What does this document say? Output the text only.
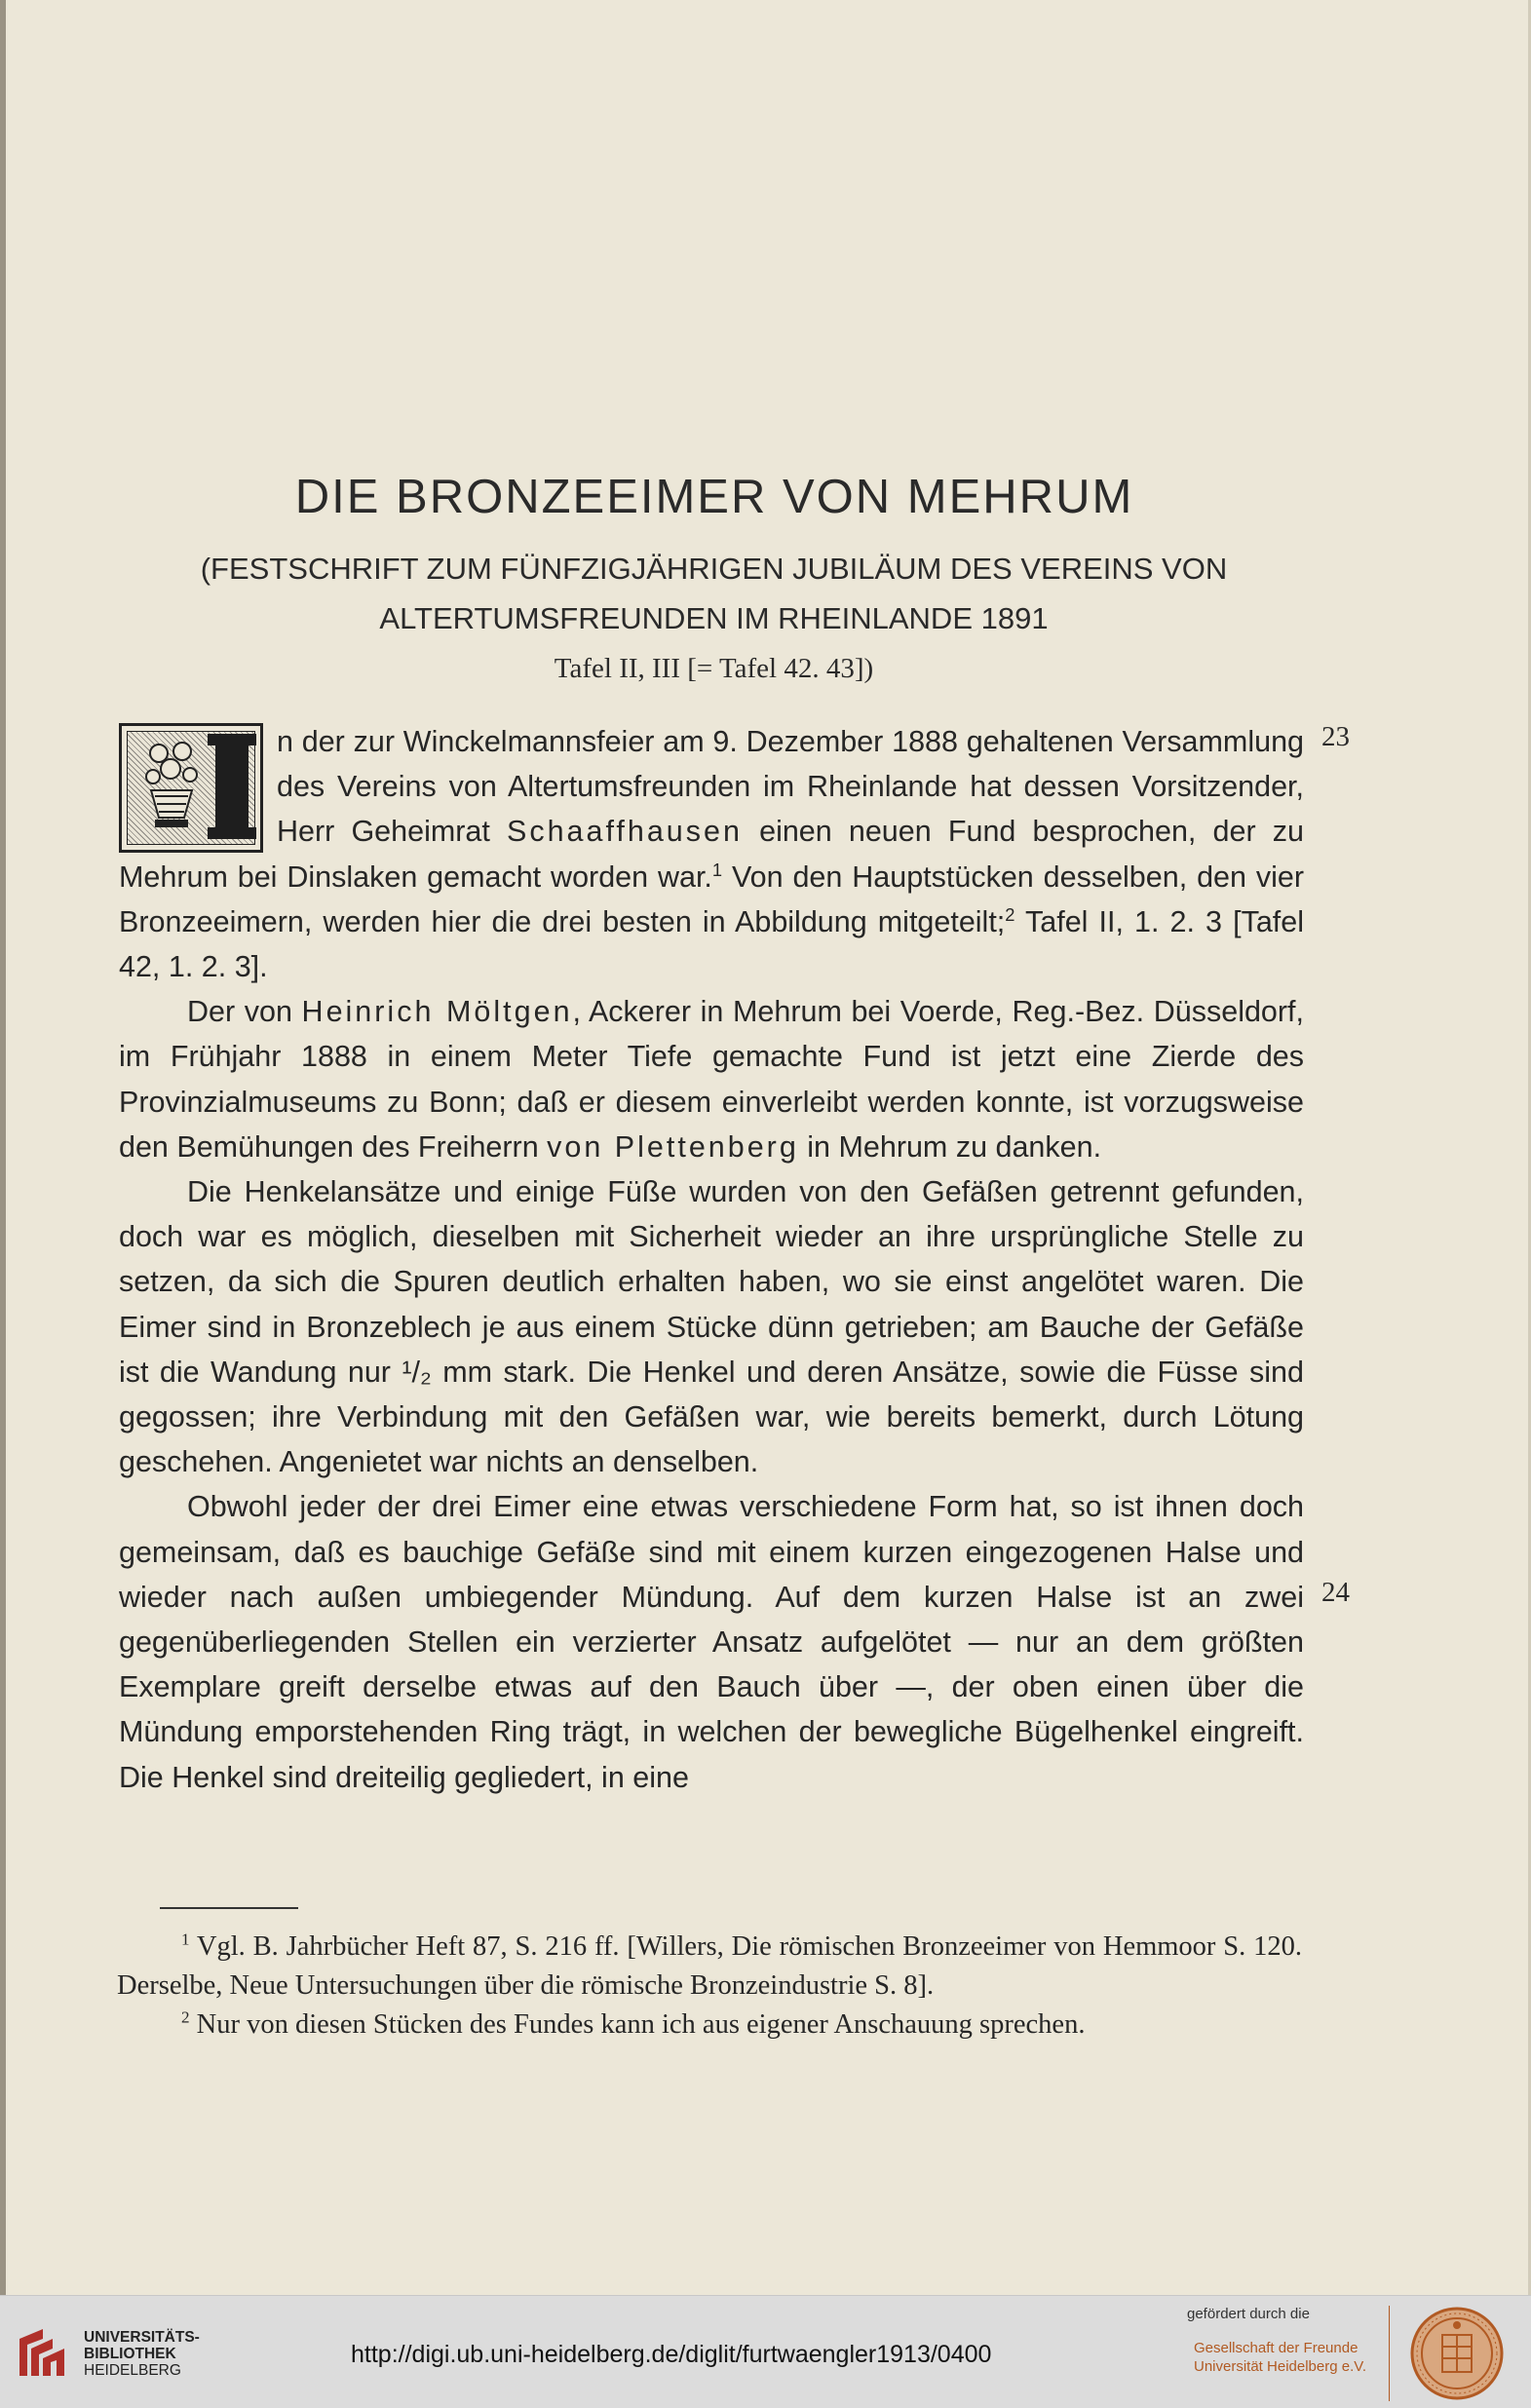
DIE BRONZEEIMER VON MEHRUM
(FESTSCHRIFT ZUM FÜNFZIGJÄHRIGEN JUBILÄUM DES VEREINS VON
ALTERTUMSFREUNDEN IM RHEINLANDE 1891
Tafel II, III [= Tafel 42. 43])
23
24

n der zur Winckelmannsfeier am 9. Dezember 1888 gehaltenen Versammlung des Vereins von Altertumsfreunden im Rheinlande hat dessen Vorsitzender, Herr Geheimrat Schaaffhausen einen neuen Fund besprochen, der zu Mehrum bei Dinslaken gemacht worden war.$^1$ Von den Hauptstücken desselben, den vier Bronzeeimern, werden hier die drei besten in Abbildung mitgeteilt;$^2$ Tafel II, 1. 2. 3 [Tafel 42, 1. 2. 3].

Der von Heinrich Möltgen, Ackerer in Mehrum bei Voerde, Reg.-Bez. Düsseldorf, im Frühjahr 1888 in einem Meter Tiefe gemachte Fund ist jetzt eine Zierde des Provinzialmuseums zu Bonn; daß er diesem einverleibt werden konnte, ist vorzugsweise den Bemühungen des Freiherrn von Plettenberg in Mehrum zu danken.

Die Henkelansätze und einige Füße wurden von den Gefäßen getrennt gefunden, doch war es möglich, dieselben mit Sicherheit wieder an ihre ursprüngliche Stelle zu setzen, da sich die Spuren deutlich erhalten haben, wo sie einst angelötet waren. Die Eimer sind in Bronzeblech je aus einem Stücke dünn getrieben; am Bauche der Gefäße ist die Wandung nur ¹/₂ mm stark. Die Henkel und deren Ansätze, sowie die Füsse sind gegossen; ihre Verbindung mit den Gefäßen war, wie bereits bemerkt, durch Lötung geschehen. Angenietet war nichts an denselben.

Obwohl jeder der drei Eimer eine etwas verschiedene Form hat, so ist ihnen doch gemeinsam, daß es bauchige Gefäße sind mit einem kurzen eingezogenen Halse und wieder nach außen umbiegender Mündung. Auf dem kurzen Halse ist an zwei gegenüberliegenden Stellen ein verzierter Ansatz aufgelötet — nur an dem größten Exemplare greift derselbe etwas auf den Bauch über —, der oben einen über die Mündung emporstehenden Ring trägt, in welchen der bewegliche Bügelhenkel eingreift. Die Henkel sind dreiteilig gegliedert, in eine

$^1$ Vgl. B. Jahrbücher Heft 87, S. 216 ff. [Willers, Die römischen Bronzeeimer von Hemmoor S. 120. Derselbe, Neue Untersuchungen über die römische Bronzeindustrie S. 8].

$^2$ Nur von diesen Stücken des Fundes kann ich aus eigener Anschauung sprechen.

UNIVERSITÄTS-
BIBLIOTHEK
HEIDELBERG
http://digi.ub.uni-heidelberg.de/diglit/furtwaengler1913/0400
gefördert durch die
Gesellschaft der Freunde
Universität Heidelberg e.V.
